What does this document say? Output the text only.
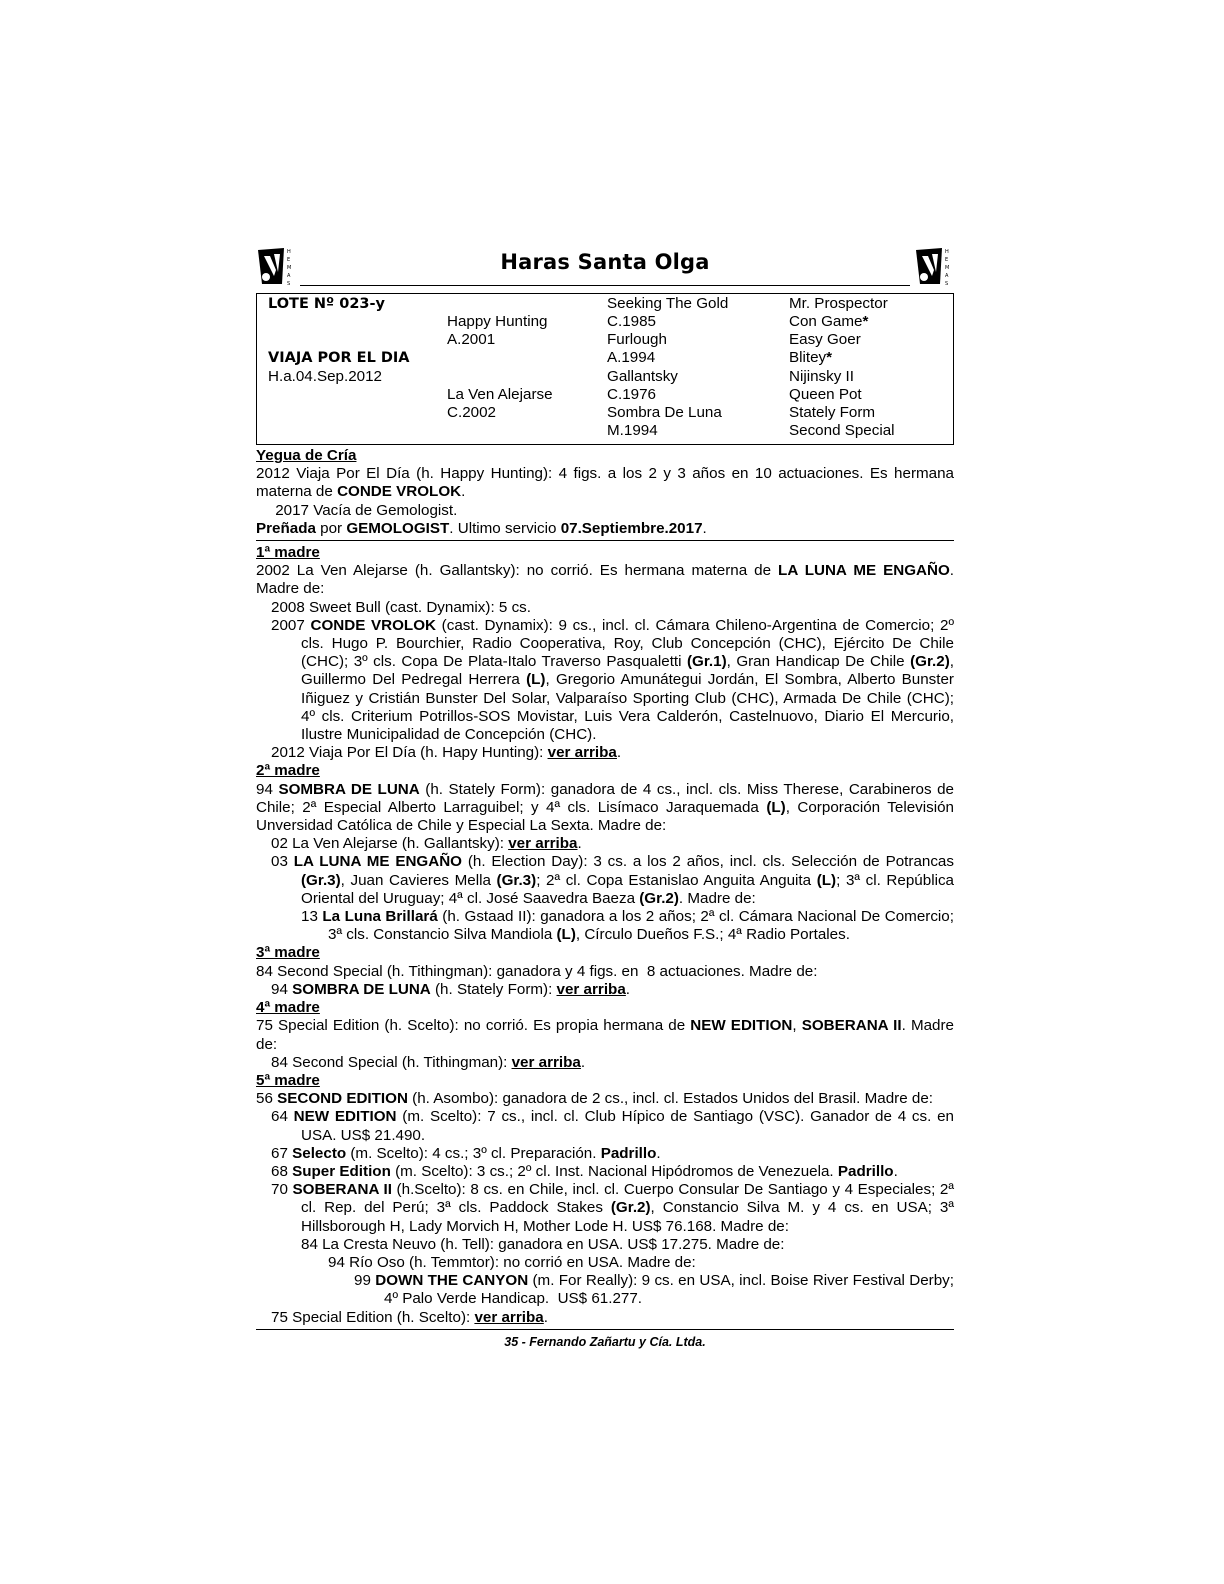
H
E
M
A
S
Haras Santa Olga	H
E
M
A
S
LOTE Nº 023-y
VIAJA POR EL DIA
H.a.04.Sep.2012
Happy Hunting
A.2001
La Ven Alejarse
C.2002
Seeking The Gold
C.1985
Furlough
A.1994
Gallantsky
C.1976
Sombra De Luna
M.1994
Mr. Prospector
Con Game*
Easy Goer
Blitey*
Nijinsky II
Queen Pot
Stately Form
Second Special
Yegua de Cría
2012 Viaja Por El Día (h. Happy Hunting): 4 figs. a los 2 y 3 años en 10 actuaciones. Es hermana materna de CONDE VROLOK.
2017 Vacía de Gemologist.
Preñada por GEMOLOGIST. Ultimo servicio 07.Septiembre.2017.
1ª madre
2002 La Ven Alejarse (h. Gallantsky): no corrió. Es hermana materna de LA LUNA ME ENGAÑO. Madre de:
2008 Sweet Bull (cast. Dynamix): 5 cs.
2007 CONDE VROLOK (cast. Dynamix): 9 cs., incl. cl. Cámara Chileno-Argentina de Comercio; 2º cls. Hugo P. Bourchier, Radio Cooperativa, Roy, Club Concepción (CHC), Ejército De Chile (CHC); 3º cls. Copa De Plata-Italo Traverso Pasqualetti (Gr.1), Gran Handicap De Chile (Gr.2), Guillermo Del Pedregal Herrera (L), Gregorio Amunátegui Jordán, El Sombra, Alberto Bunster Iñiguez y Cristián Bunster Del Solar, Valparaíso Sporting Club (CHC), Armada De Chile (CHC); 4º cls. Criterium Potrillos-SOS Movistar, Luis Vera Calderón, Castelnuovo, Diario El Mercurio, Ilustre Municipalidad de Concepción (CHC).
2012 Viaja Por El Día (h. Hapy Hunting): ver arriba.
2ª madre
94 SOMBRA DE LUNA (h. Stately Form): ganadora de 4 cs., incl. cls. Miss Therese, Carabineros de Chile; 2ª Especial Alberto Larraguibel; y 4ª cls. Lisímaco Jaraquemada (L), Corporación Televisión Unversidad Católica de Chile y Especial La Sexta. Madre de:
02 La Ven Alejarse (h. Gallantsky): ver arriba.
03 LA LUNA ME ENGAÑO (h. Election Day): 3 cs. a los 2 años, incl. cls. Selección de Potrancas (Gr.3), Juan Cavieres Mella (Gr.3); 2ª cl. Copa Estanislao Anguita Anguita (L); 3ª cl. República Oriental del Uruguay; 4ª cl. José Saavedra Baeza (Gr.2). Madre de:
13 La Luna Brillará (h. Gstaad II): ganadora a los 2 años; 2ª cl. Cámara Nacional De Comercio; 3ª cls. Constancio Silva Mandiola (L), Círculo Dueños F.S.; 4ª Radio Portales.
3ª madre
84 Second Special (h. Tithingman): ganadora y 4 figs. en  8 actuaciones. Madre de:
94 SOMBRA DE LUNA (h. Stately Form): ver arriba.
4ª madre
75 Special Edition (h. Scelto): no corrió. Es propia hermana de NEW EDITION, SOBERANA II. Madre de:
84 Second Special (h. Tithingman): ver arriba.
5ª madre
56 SECOND EDITION (h. Asombo): ganadora de 2 cs., incl. cl. Estados Unidos del Brasil. Madre de:
64 NEW EDITION (m. Scelto): 7 cs., incl. cl. Club Hípico de Santiago (VSC). Ganador de 4 cs. en USA. US$ 21.490.
67 Selecto (m. Scelto): 4 cs.; 3º cl. Preparación. Padrillo.
68 Super Edition (m. Scelto): 3 cs.; 2º cl. Inst. Nacional Hipódromos de Venezuela. Padrillo.
70 SOBERANA II (h.Scelto): 8 cs. en Chile, incl. cl. Cuerpo Consular De Santiago y 4 Especiales; 2ª cl. Rep. del Perú; 3ª cls. Paddock Stakes (Gr.2), Constancio Silva M. y 4 cs. en USA; 3ª Hillsborough H, Lady Morvich H, Mother Lode H. US$ 76.168. Madre de:
84 La Cresta Neuvo (h. Tell): ganadora en USA. US$ 17.275. Madre de:
94 Río Oso (h. Temmtor): no corrió en USA. Madre de:
99 DOWN THE CANYON (m. For Really): 9 cs. en USA, incl. Boise River Festival Derby; 4º Palo Verde Handicap.  US$ 61.277.
75 Special Edition (h. Scelto): ver arriba.
35 - Fernando Zañartu y Cía. Ltda.
